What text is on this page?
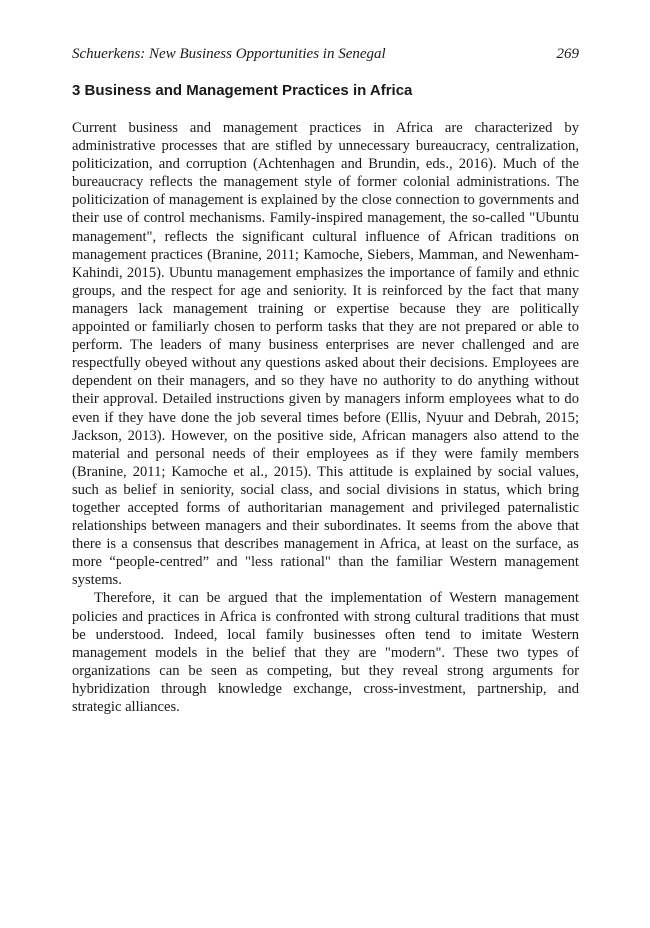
Schuerkens: New Business Opportunities in Senegal	269
3 Business and Management Practices in Africa

Current business and management practices in Africa are characterized by administrative processes that are stifled by unnecessary bureaucracy, centralization, politicization, and corruption (Achtenhagen and Brundin, eds., 2016). Much of the bureaucracy reflects the management style of former colonial administrations. The politicization of management is explained by the close connection to governments and their use of control mechanisms. Family-inspired management, the so-called "Ubuntu management", reflects the significant cultural influence of African traditions on management practices (Branine, 2011; Kamoche, Siebers, Mamman, and Newenham-Kahindi, 2015). Ubuntu management emphasizes the importance of family and ethnic groups, and the respect for age and seniority. It is reinforced by the fact that many managers lack management training or expertise because they are politically appointed or familiarly chosen to perform tasks that they are not prepared or able to perform. The leaders of many business enterprises are never challenged and are respectfully obeyed without any questions asked about their decisions. Employees are dependent on their managers, and so they have no authority to do anything without their approval. Detailed instructions given by managers inform employees what to do even if they have done the job several times before (Ellis, Nyuur and Debrah, 2015; Jackson, 2013). However, on the positive side, African managers also attend to the material and personal needs of their employees as if they were family members (Branine, 2011; Kamoche et al., 2015). This attitude is explained by social values, such as belief in seniority, social class, and social divisions in status, which bring together accepted forms of authoritarian management and privileged paternalistic relationships between managers and their subordinates. It seems from the above that there is a consensus that describes management in Africa, at least on the surface, as more “people-centred” and "less rational" than the familiar Western management systems.

Therefore, it can be argued that the implementation of Western management policies and practices in Africa is confronted with strong cultural traditions that must be understood. Indeed, local family businesses often tend to imitate Western management models in the belief that they are "modern". These two types of organizations can be seen as competing, but they reveal strong arguments for hybridization through knowledge exchange, cross-investment, partnership, and strategic alliances.
